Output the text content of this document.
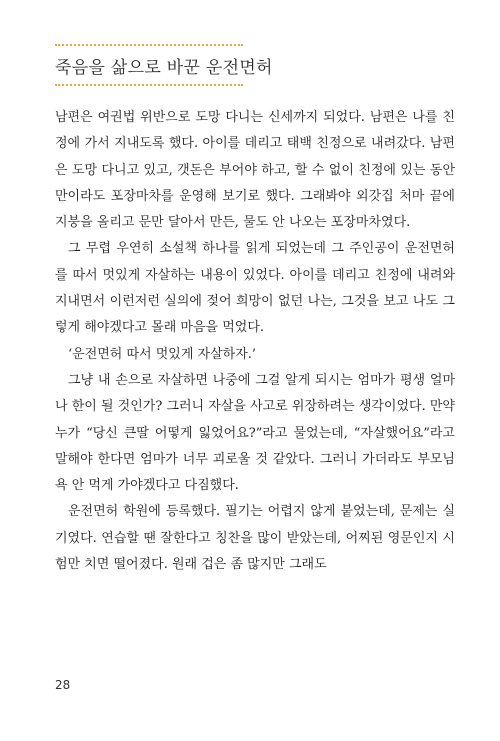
죽음을 삶으로 바꾼 운전면허

남편은 여권법 위반으로 도망 다니는 신세까지 되었다. 남편은 나를 친정에 가서 지내도록 했다. 아이를 데리고 태백 친정으로 내려갔다. 남편은 도망 다니고 있고, 갯돈은 부어야 하고, 할 수 없이 친정에 있는 동안만이라도 포장마차를 운영해 보기로 했다. 그래봐야 외갓집 처마 끝에 지붕을 올리고 문만 달아서 만든, 물도 안 나오는 포장마차였다.

그 무렵 우연히 소설책 하나를 읽게 되었는데 그 주인공이 운전면허를 따서 멋있게 자살하는 내용이 있었다. 아이를 데리고 친정에 내려와 지내면서 이런저런 실의에 젖어 희망이 없던 나는, 그것을 보고 나도 그렇게 해야겠다고 몰래 마음을 먹었다.

‘운전면허 따서 멋있게 자살하자.’

그냥 내 손으로 자살하면 나중에 그걸 알게 되시는 엄마가 평생 얼마나 한이 될 것인가? 그러니 자살을 사고로 위장하려는 생각이었다. 만약 누가 “당신 큰딸 어떻게 잃었어요?”라고 물었는데, “자살했어요”라고 말해야 한다면 엄마가 너무 괴로울 것 같았다. 그러니 가더라도 부모님 욕 안 먹게 가야겠다고 다짐했다.

운전면허 학원에 등록했다. 필기는 어렵지 않게 붙었는데, 문제는 실기였다. 연습할 땐 잘한다고 칭찬을 많이 받았는데, 어찌된 영문인지 시험만 치면 떨어졌다. 원래 겁은 좀 많지만 그래도

28
